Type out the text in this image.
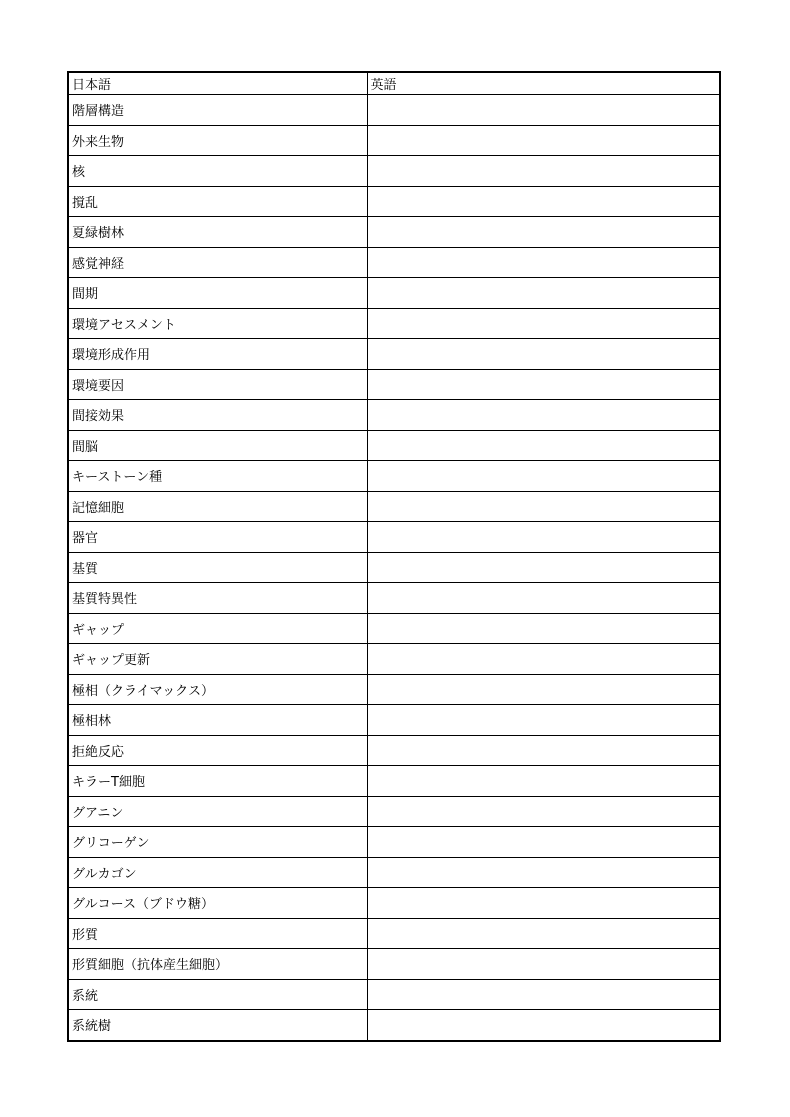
日本語	英語
階層構造	
外来生物	
核	
撹乱	
夏緑樹林	
感覚神経	
間期	
環境アセスメント	
環境形成作用	
環境要因	
間接効果	
間脳	
キーストーン種	
記憶細胞	
器官	
基質	
基質特異性	
ギャップ	
ギャップ更新	
極相（クライマックス）	
極相林	
拒絶反応	
キラーT細胞	
グアニン	
グリコーゲン	
グルカゴン	
グルコース（ブドウ糖）	
形質	
形質細胞（抗体産生細胞）	
系統	
系統樹	
